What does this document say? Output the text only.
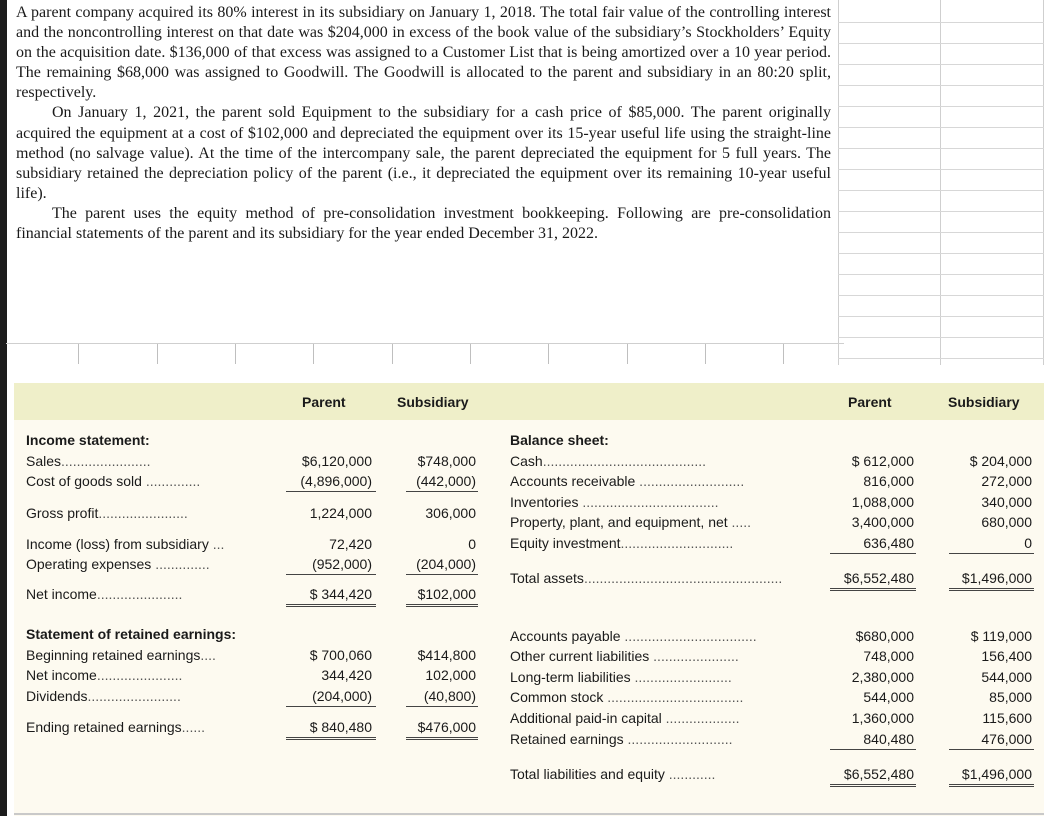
A parent company acquired its 80% interest in its subsidiary on January 1, 2018. The total fair value of the controlling interest and the noncontrolling interest on that date was $204,000 in excess of the book value of the subsidiary’s Stockholders’ Equity on the acquisition date. $136,000 of that excess was assigned to a Customer List that is being amortized over a 10 year period. The remaining $68,000 was assigned to Goodwill. The Goodwill is allocated to the parent and subsidiary in an 80:20 split, respectively.

On January 1, 2021, the parent sold Equipment to the subsidiary for a cash price of $85,000. The parent originally acquired the equipment at a cost of $102,000 and depreciated the equipment over its 15-year useful life using the straight-line method (no salvage value). At the time of the intercompany sale, the parent depreciated the equipment for 5 full years. The subsidiary retained the depreciation policy of the parent (i.e., it depreciated the equipment over its remaining 10-year useful life).

The parent uses the equity method of pre-consolidation investment bookkeeping. Following are pre-consolidation financial statements of the parent and its subsidiary for the year ended December 31, 2022.

Parent	Subsidiary	Parent	Subsidiary
Income statement:
Sales.......................	$6,120,000	$748,000
Cost of goods sold ..............	(4,896,000)	(442,000)
Gross profit.......................	1,224,000	306,000
Income (loss) from subsidiary ...	72,420	0
Operating expenses ..............	(952,000)	(204,000)
Net income......................	$ 344,420	$102,000
Statement of retained earnings:
Beginning retained earnings....	$ 700,060	$414,800
Net income......................	344,420	102,000
Dividends........................	(204,000)	(40,800)
Ending retained earnings......	$ 840,480	$476,000
Balance sheet:
Cash..........................................	$ 612,000	$ 204,000
Accounts receivable ...........................	816,000	272,000
Inventories ...................................	1,088,000	340,000
Property, plant, and equipment, net .....	3,400,000	680,000
Equity investment.............................	636,480	0
Total assets...................................................	$6,552,480	$1,496,000
Accounts payable ..................................	$680,000	$ 119,000
Other current liabilities ......................	748,000	156,400
Long-term liabilities .........................	2,380,000	544,000
Common stock ...................................	544,000	85,000
Additional paid-in capital ...................	1,360,000	115,600
Retained earnings ...........................	840,480	476,000
Total liabilities and equity ............	$6,552,480	$1,496,000
